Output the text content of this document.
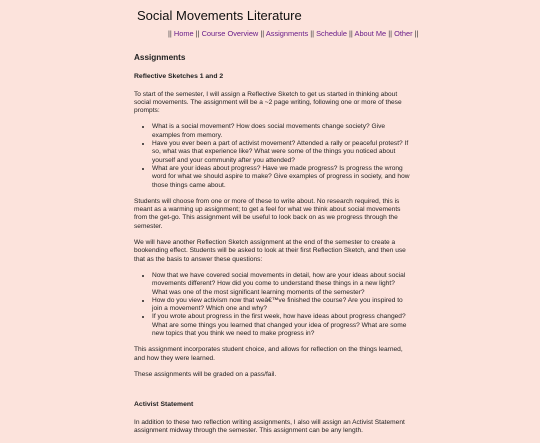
Social Movements Literature
|| Home || Course Overview || Assignments || Schedule || About Me || Other ||
Assignments
Reflective Sketches 1 and 2

To start of the semester, I will assign a Reflective Sketch to get us started in thinking about social movements. The assignment will be a ~2 page writing, following one or more of these prompts:

• What is a social movement? How does social movements change society? Give examples from memory.
• Have you ever been a part of activist movement? Attended a rally or peaceful protest? If so, what was that experience like? What were some of the things you noticed about yourself and your community after you attended?
• What are your ideas about progress? Have we made progress? Is progress the wrong word for what we should aspire to make? Give examples of progress in society, and how those things came about.

Students will choose from one or more of these to write about. No research required, this is meant as a warming up assignment; to get a feel for what we think about social movements from the get-go. This assignment will be useful to look back on as we progress through the semester.

We will have another Reflection Sketch assignment at the end of the semester to create a bookending effect. Students will be asked to look at their first Reflection Sketch, and then use that as the basis to answer these questions:

• Now that we have covered social movements in detail, how are your ideas about social movements different? How did you come to understand these things in a new light? What was one of the most significant learning moments of the semester?
• How do you view activism now that weâ€™ve finished the course? Are you inspired to join a movement? Which one and why?
• If you wrote about progress in the first week, how have ideas about progress changed? What are some things you learned that changed your idea of progress? What are some new topics that you think we need to make progress in?

This assignment incorporates student choice, and allows for reflection on the things learned, and how they were learned.

These assignments will be graded on a pass/fail.

Activist Statement

In addition to these two reflection writing assignments, I also will assign an Activist Statement assignment midway through the semester. This assignment can be any length.
